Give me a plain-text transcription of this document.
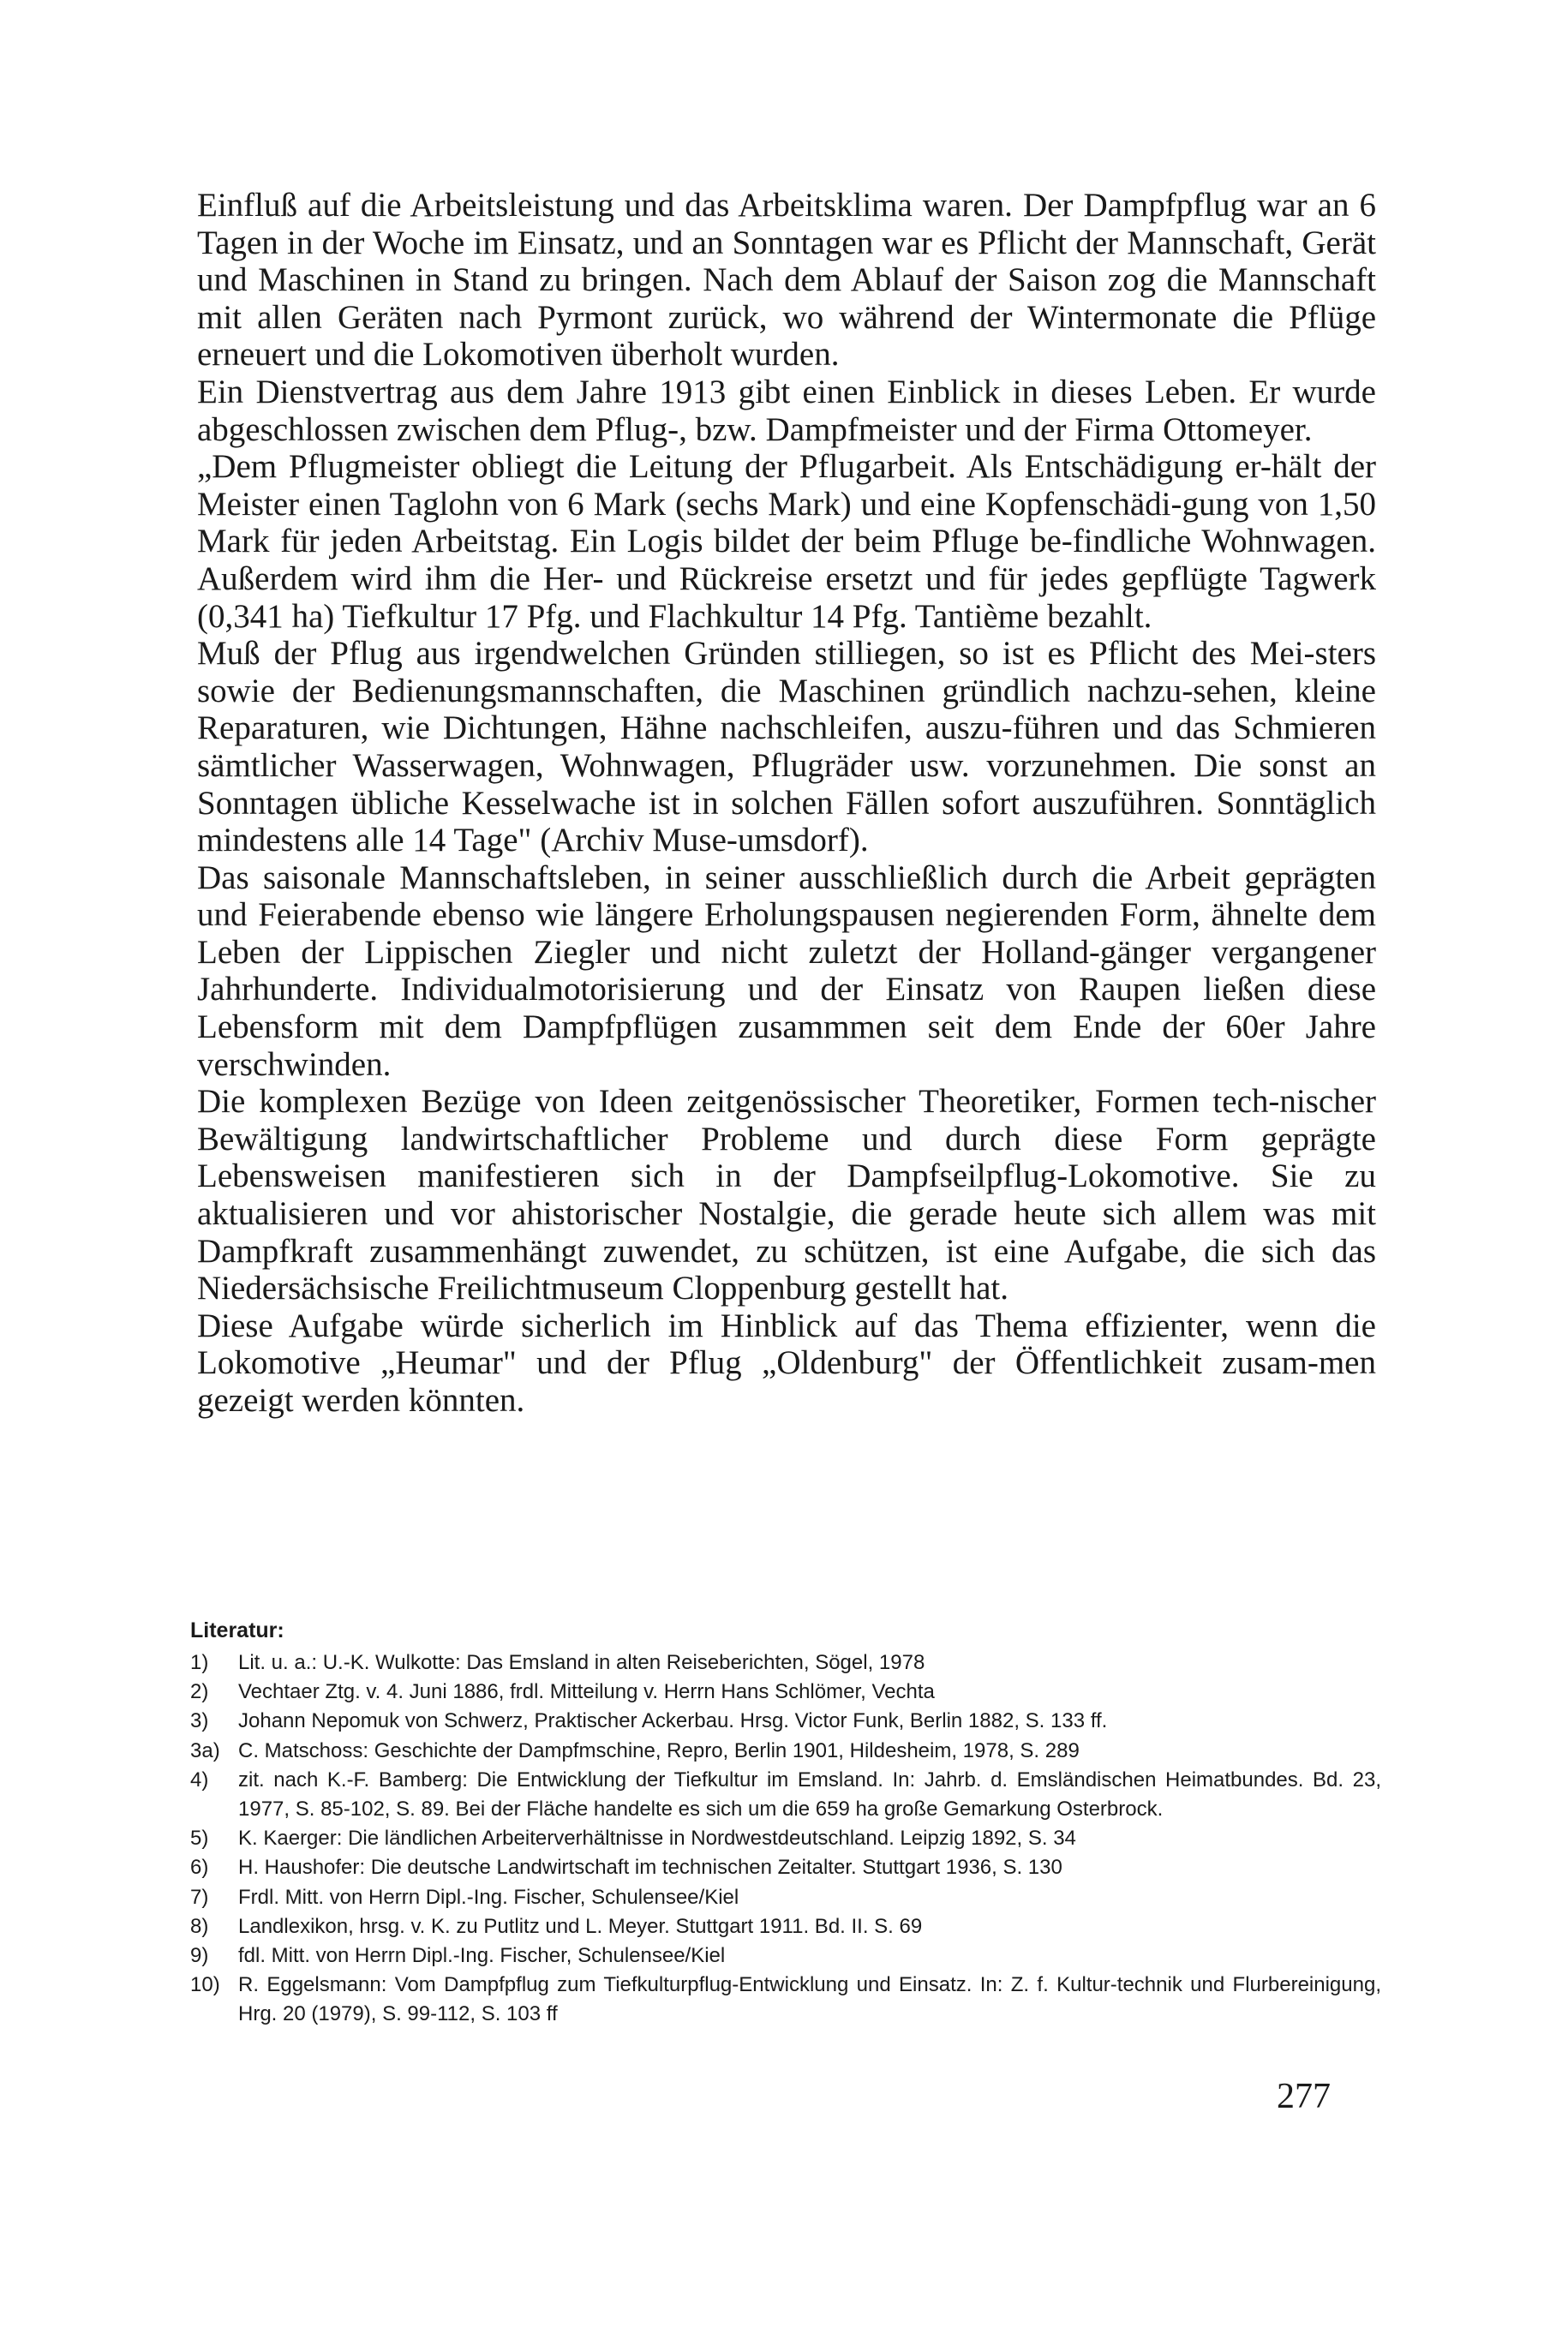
Einfluß auf die Arbeitsleistung und das Arbeitsklima waren. Der Dampfpflug war an 6 Tagen in der Woche im Einsatz, und an Sonntagen war es Pflicht der Mannschaft, Gerät und Maschinen in Stand zu bringen. Nach dem Ablauf der Saison zog die Mannschaft mit allen Geräten nach Pyrmont zurück, wo während der Wintermonate die Pflüge erneuert und die Lokomotiven überholt wurden.

Ein Dienstvertrag aus dem Jahre 1913 gibt einen Einblick in dieses Leben. Er wurde abgeschlossen zwischen dem Pflug-, bzw. Dampfmeister und der Firma Ottomeyer.

„Dem Pflugmeister obliegt die Leitung der Pflugarbeit. Als Entschädigung er-hält der Meister einen Taglohn von 6 Mark (sechs Mark) und eine Kopfenschädi-gung von 1,50 Mark für jeden Arbeitstag. Ein Logis bildet der beim Pfluge be-findliche Wohnwagen. Außerdem wird ihm die Her- und Rückreise ersetzt und für jedes gepflügte Tagwerk (0,341 ha) Tiefkultur 17 Pfg. und Flachkultur 14 Pfg. Tantième bezahlt.

Muß der Pflug aus irgendwelchen Gründen stilliegen, so ist es Pflicht des Mei-sters sowie der Bedienungsmannschaften, die Maschinen gründlich nachzu-sehen, kleine Reparaturen, wie Dichtungen, Hähne nachschleifen, auszu-führen und das Schmieren sämtlicher Wasserwagen, Wohnwagen, Pflugräder usw. vorzunehmen. Die sonst an Sonntagen übliche Kesselwache ist in solchen Fällen sofort auszuführen. Sonntäglich mindestens alle 14 Tage" (Archiv Muse-umsdorf).

Das saisonale Mannschaftsleben, in seiner ausschließlich durch die Arbeit geprägten und Feierabende ebenso wie längere Erholungspausen negierenden Form, ähnelte dem Leben der Lippischen Ziegler und nicht zuletzt der Holland-gänger vergangener Jahrhunderte. Individualmotorisierung und der Einsatz von Raupen ließen diese Lebensform mit dem Dampfpflügen zusammmen seit dem Ende der 60er Jahre verschwinden.

Die komplexen Bezüge von Ideen zeitgenössischer Theoretiker, Formen tech-nischer Bewältigung landwirtschaftlicher Probleme und durch diese Form geprägte Lebensweisen manifestieren sich in der Dampfseilpflug-Lokomotive. Sie zu aktualisieren und vor ahistorischer Nostalgie, die gerade heute sich allem was mit Dampfkraft zusammenhängt zuwendet, zu schützen, ist eine Aufgabe, die sich das Niedersächsische Freilichtmuseum Cloppenburg gestellt hat.

Diese Aufgabe würde sicherlich im Hinblick auf das Thema effizienter, wenn die Lokomotive „Heumar" und der Pflug „Oldenburg" der Öffentlichkeit zusam-men gezeigt werden könnten.

Literatur:
1)	Lit. u. a.: U.-K. Wulkotte: Das Emsland in alten Reiseberichten, Sögel, 1978
2)	Vechtaer Ztg. v. 4. Juni 1886, frdl. Mitteilung v. Herrn Hans Schlömer, Vechta
3)	Johann Nepomuk von Schwerz, Praktischer Ackerbau. Hrsg. Victor Funk, Berlin 1882, S. 133 ff.
3a) C. Matschoss: Geschichte der Dampfmschine, Repro, Berlin 1901, Hildesheim, 1978, S. 289
4)	zit. nach K.-F. Bamberg: Die Entwicklung der Tiefkultur im Emsland. In: Jahrb. d. Emsländischen Heimatbundes. Bd. 23, 1977, S. 85-102, S. 89. Bei der Fläche handelte es sich um die 659 ha große Gemarkung Osterbrock.
5)	K. Kaerger: Die ländlichen Arbeiterverhältnisse in Nordwestdeutschland. Leipzig 1892, S. 34
6)	H. Haushofer: Die deutsche Landwirtschaft im technischen Zeitalter. Stuttgart 1936, S. 130
7)	Frdl. Mitt. von Herrn Dipl.-Ing. Fischer, Schulensee/Kiel
8)	Landlexikon, hrsg. v. K. zu Putlitz und L. Meyer. Stuttgart 1911. Bd. II. S. 69
9)	fdl. Mitt. von Herrn Dipl.-Ing. Fischer, Schulensee/Kiel
10) R. Eggelsmann: Vom Dampfpflug zum Tiefkulturpflug-Entwicklung und Einsatz. In: Z. f. Kultur-technik und Flurbereinigung, Hrg. 20 (1979), S. 99-112, S. 103 ff
277
